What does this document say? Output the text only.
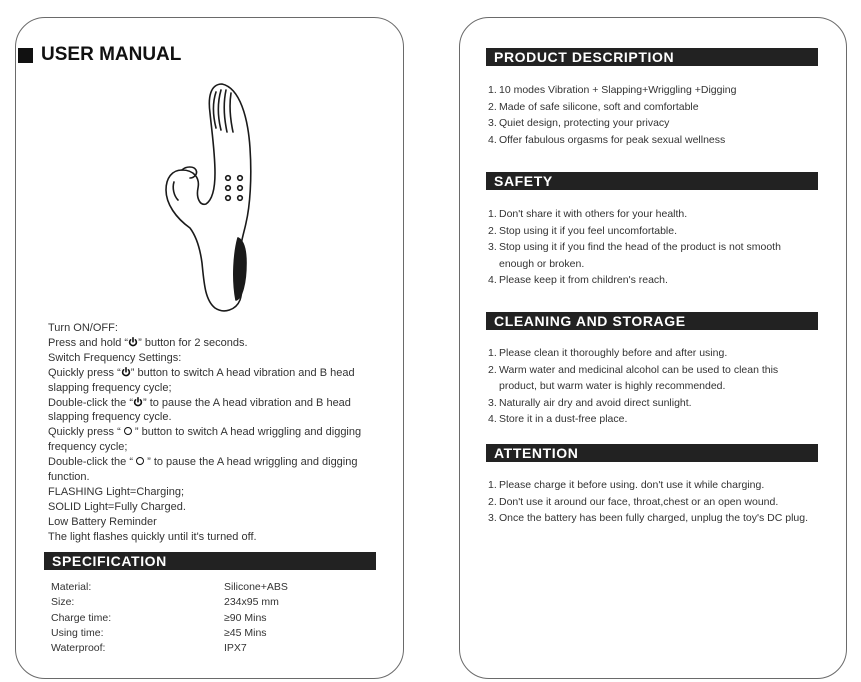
USER MANUAL
Turn ON/OFF:
Press and hold “ ” button for 2 seconds.
Switch Frequency Settings:
Quickly press “ ” button to switch A head vibration and B head
slapping frequency cycle;
Double-click the “ ” to pause the A head vibration and B head
slapping frequency cycle.
Quickly press “  ” button to switch A head wriggling and digging
frequency cycle;
Double-click the “  ” to pause the A head wriggling and digging
function.
FLASHING Light=Charging;
SOLID Light=Fully Charged.
Low Battery Reminder
The light flashes quickly until it's turned off.
SPECIFICATION
Material:	Silicone+ABS
Size:	234x95 mm
Charge time:	≥90 Mins
Using time:	≥45 Mins
Waterproof:	IPX7
PRODUCT DESCRIPTION
1. 10 modes Vibration + Slapping+Wriggling +Digging
2. Made of safe silicone, soft and comfortable
3. Quiet design, protecting your privacy
4. Offer fabulous orgasms for peak sexual wellness
SAFETY
1. Don't share it with others for your health.
2. Stop using it if you feel uncomfortable.
3. Stop using it if you find the head of the product is not smooth
enough or broken.
4. Please keep it from children's reach.
CLEANING AND STORAGE
1. Please clean it thoroughly before and after using.
2. Warm water and medicinal alcohol can be used to clean this
product, but warm water is highly recommended.
3. Naturally air dry and avoid direct sunlight.
4. Store it in a dust-free place.
ATTENTION
1. Please charge it before using. don't use it while charging.
2. Don't use it around our face, throat,chest or an open wound.
3. Once the battery has been fully charged, unplug the toy's DC plug.
